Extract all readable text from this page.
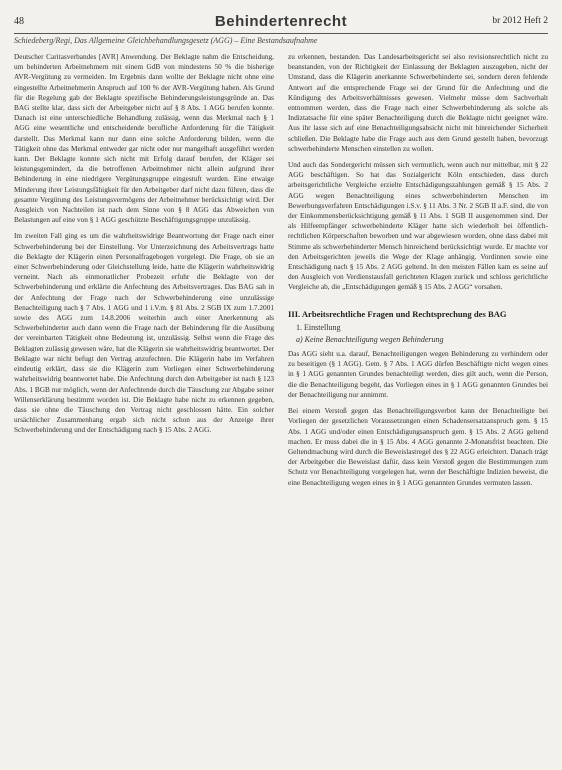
48	Behindertenrecht	br 2012 Heft 2
Schiedeberg/Regi, Das Allgemeine Gleichbehandlungsgesetz (AGG) – Eine Bestandsaufnahme

Deutscher Caritasverbandes [AVR] Anwendung. Der Beklagte nahm die Entscheidung, um behinderten Arbeitnehmern mit einem GdB von mindestens 50 % die bisherige AVR-Vergütung zu vermeiden. Im Ergebnis dann wollte der Beklagte nicht ohne eine eingestellte Arbeitnehmerin Anspruch auf 100 % der AVR-Vergütung haben. Als Grund für die Regelung gab der Beklagte spezifische Behinderungsleistungsgründe an. Das BAG stellte klar, dass sich der Arbeitgeber nicht auf § 8 Abs. 1 AGG berufen konnte. Danach ist eine unterschiedliche Behandlung zulässig, wenn das Merkmal nach § 1 AGG eine wesentliche und entscheidende berufliche Anforderung für die Tätigkeit darstellt. Das Merkmal kann nur dann eine solche Anforderung bilden, wenn die Tätigkeit ohne das Merkmal entweder gar nicht oder nur mangelhaft ausgeführt werden kann. Der Beklagte konnte sich nicht mit Erfolg darauf berufen, der Kläger sei leistungsgemindert, da die betroffenen Arbeitnehmer nicht allein aufgrund ihrer Behinderung in eine niedrigere Vergütungsgruppe eingestuft wurden. Eine etwaige Minderung ihrer Leistungsfähigkeit für den Arbeitgeber darf nicht dazu führen, dass die gesamte Vergütung des Leistungsvermögens der Arbeitnehmer berücksichtigt wird. Der Ausgleich von Nachteilen ist nach dem Sinne von § 8 AGG das Abweichen von Belastungen auf eine von § 1 AGG geschützte Beschäftigungsgruppe unzulässig.

Im zweiten Fall ging es um die wahrheitswidrige Beantwortung der Frage nach einer Schwerbehinderung bei der Einstellung. Vor Unterzeichnung des Arbeitsvertrags hatte die Beklagte der Klägerin einen Personalfragebogen vorgelegt. Die Frage, ob sie an einer Schwerbehinderung oder Gleichstellung leide, hatte die Klägerin wahrheitswidrig verneint. Nach als einmonatlicher Probezeit erfuhr die Beklagte von der Schwerbehinderung und erklärte die Anfechtung des Arbeitsvertrages. Das BAG sah in der Anfechtung der Frage nach der Schwerbehinderung eine unzulässige Benachteiligung nach § 7 Abs. 1 AGG und 1 i.V.m. § 81 Abs. 2 SGB IX zum 1.7.2001 sowie des AGG zum 14.8.2006 weiterhin auch einer Anerkennung als Schwerbehinderter auch dann wenn die Frage nach der Behinderung für die Ausübung der vereinbarten Tätigkeit ohne Bedeutung ist, unzulässig. Selbst wenn die Frage des Beklagten zulässig gewesen wäre, hat die Klägerin sie wahrheitswidrig beantwortet. Der Beklagte war nicht befugt den Vertrag anzufechten. Die Klägerin habe im Verfahren eindeutig erklärt, dass sie die Klägerin zum Vorliegen einer Schwerbehinderung wahrheitswidrig beantwortet habe. Die Anfechtung durch den Arbeitgeber ist nach § 123 Abs. 1 BGB nur möglich, wenn der Anfechtende durch die Täuschung zur Abgabe seiner Willenserklärung bestimmt worden ist. Die Beklagte habe nicht zu erkennen gegeben, dass sie ohne die Täuschung den Vertrag nicht geschlossen hätte. Ein solcher ursächlicher Zusammenhang ergab sich nicht schon aus der Anzeige ihrer Schwerbehinderung und der Entschädigung nach § 15 Abs. 2 AGG.

zu erkennen, bestanden. Das Landesarbeitsgericht sei also revisionsrechtlich nicht zu beanstanden, von der Richtigkeit der Einlassung der Beklagten auszugehen, nicht der Umstand, dass die Klägerin anerkannte Schwerbehinderte sei, sondern deren fehlende Antwort auf die entsprechende Frage sei der Grund für die Anfechtung und die Kündigung des Arbeitsverhältnisses gewesen. Vielmehr müsse dem Sachverhalt entnommen werden, dass die Frage nach einer Schwerbehinderung als solche als Indiztatsache für eine später Benachteiligung durch die Beklagte nicht geeignet wäre. Aus ihr lasse sich auf eine Benachteiligungsabsicht nicht mit hinreichender Sicherheit schließen. Die Beklagte habe die Frage auch aus dem Grund gestellt haben, bevorzugt schwerbehinderte Menschen einstellen zu wollen.

Und auch das Sondergericht müssen sich vermutlich, wenn auch nur mittelbar, mit § 22 AGG beschäftigen. So hat das Sozialgericht Köln entschieden, dass durch arbeitsgerichtliche Vergleiche erzielte Entschädigungszahlungen gemäß § 15 Abs. 2 AGG wegen Benachteiligung eines schwerbehinderten Menschen im Bewerbungsverfahren Entschädigungen i.S.v. § 11 Abs. 3 Nr. 2 SGB II a.F. sind, die von der Einkommensberücksichtigung gemäß § 11 Abs. 1 SGB II ausgenommen sind. Der als Hilfeempfänger schwerbehinderte Kläger hatte sich wiederholt bei öffentlich-rechtlichen Körperschaften beworben und war abgewiesen worden, ohne dass dabei mit Stimme als schwerbehinderter Mensch hinreichend berücksichtigt wurde. Er machte vor den Arbeitsgerichten jeweils die Wege der Klage anhängig. Vordinnen sowie eine Entschädigung nach § 15 Abs. 2 AGG geltend. In den meisten Fällen kam es seine auf den Ausgleich von Verdienstausfall gerichteten Klagen zurück und schloss gerichtliche Vergleiche ab, die „Entschädigungen gemäß § 15 Abs. 2 AGG“ vorsahen.

III. Arbeitsrechtliche Fragen und Rechtsprechung des BAG
1. Einstellung
a) Keine Benachteiligung wegen Behinderung

Das AGG sieht u.a. darauf, Benachteiligungen wegen Behinderung zu verhindern oder zu beseitigen (§ 1 AGG). Gem. § 7 Abs. 1 AGG dürfen Beschäftigte nicht wegen eines in § 1 AGG genannten Grundes benachteiligt werden, dies gilt auch, wenn die Person, die die Benachteiligung begeht, das Vorliegen eines in § 1 AGG genannten Grundes bei der Benachteiligung nur annimmt.

Bei einem Verstoß gegen das Benachteiligungsverbot kann der Benachteiligte bei Vorliegen der gesetzlichen Voraussetzungen einen Schadensersatzanspruch gem. § 15 Abs. 1 AGG und/oder einen Entschädigungsanspruch gem. § 15 Abs. 2 AGG geltend machen. Er muss dabei die in § 15 Abs. 4 AGG genannte 2-Monatsfrist beachten. Die Geltendmachung wird durch die Beweislastregel des § 22 AGG erleichtert. Danach trägt der Arbeitgeber die Beweislast dafür, dass kein Verstoß gegen die Bestimmungen zum Schutz vor Benachteiligung vorgelegen hat, wenn der Beschäftigte Indizien beweist, die eine Benachteiligung wegen eines in § 1 AGG genannten Grundes vermuten lassen.
